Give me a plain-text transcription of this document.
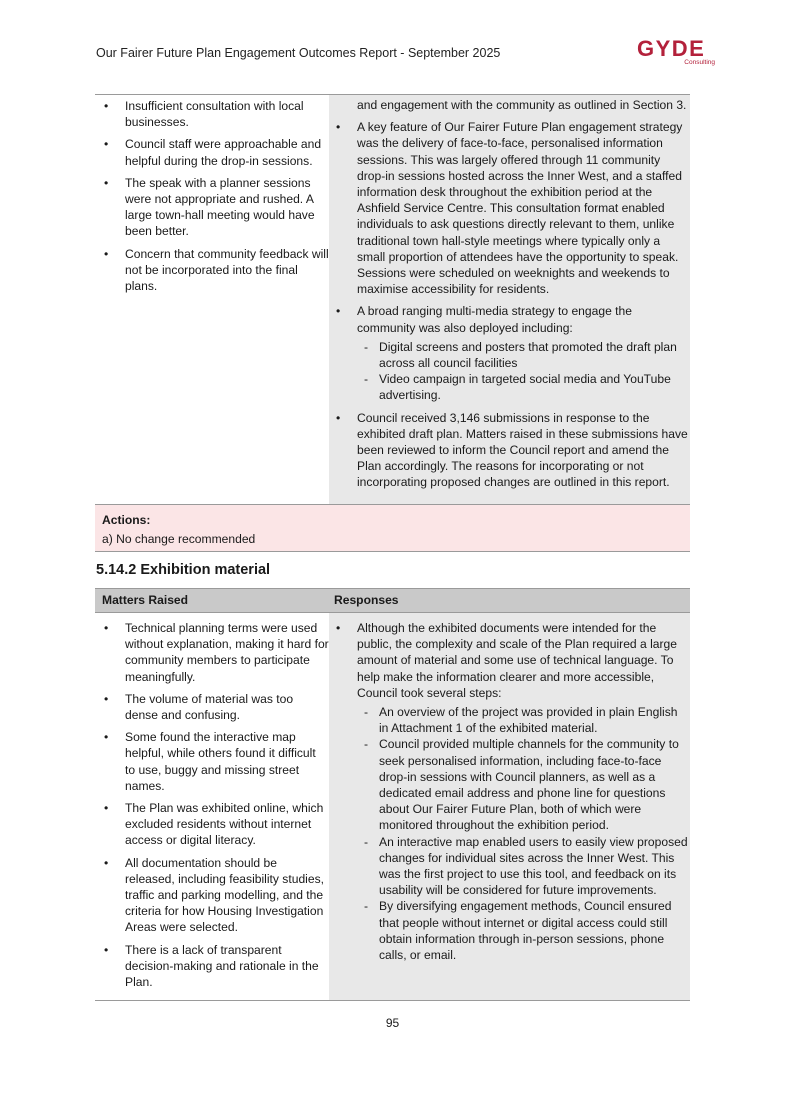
Our Fairer Future Plan Engagement Outcomes Report - September 2025	GYDE
Consulting
• Insufficient consultation with local businesses.
• Council staff were approachable and helpful during the drop-in sessions.
• The speak with a planner sessions were not appropriate and rushed. A large town-hall meeting would have been better.
• Concern that community feedback will not be incorporated into the final plans.
and engagement with the community as outlined in Section 3.
• A key feature of Our Fairer Future Plan engagement strategy was the delivery of face-to-face, personalised information sessions. This was largely offered through 11 community drop-in sessions hosted across the Inner West, and a staffed information desk throughout the exhibition period at the Ashfield Service Centre. This consultation format enabled individuals to ask questions directly relevant to them, unlike traditional town hall-style meetings where typically only a small proportion of attendees have the opportunity to speak. Sessions were scheduled on weeknights and weekends to maximise accessibility for residents.
• A broad ranging multi-media strategy to engage the community was also deployed including:
- Digital screens and posters that promoted the draft plan across all council facilities
- Video campaign in targeted social media and YouTube advertising.
• Council received 3,146 submissions in response to the exhibited draft plan. Matters raised in these submissions have been reviewed to inform the Council report and amend the Plan accordingly. The reasons for incorporating or not incorporating proposed changes are outlined in this report.
Actions:
a) No change recommended
5.14.2 Exhibition material
Matters Raised	Responses
• Technical planning terms were used without explanation, making it hard for community members to participate meaningfully.
• The volume of material was too dense and confusing.
• Some found the interactive map helpful, while others found it difficult to use, buggy and missing street names.
• The Plan was exhibited online, which excluded residents without internet access or digital literacy.
• All documentation should be released, including feasibility studies, traffic and parking modelling, and the criteria for how Housing Investigation Areas were selected.
• There is a lack of transparent decision-making and rationale in the Plan.
• Although the exhibited documents were intended for the public, the complexity and scale of the Plan required a large amount of material and some use of technical language. To help make the information clearer and more accessible, Council took several steps:
- An overview of the project was provided in plain English in Attachment 1 of the exhibited material.
- Council provided multiple channels for the community to seek personalised information, including face-to-face drop-in sessions with Council planners, as well as a dedicated email address and phone line for questions about Our Fairer Future Plan, both of which were monitored throughout the exhibition period.
- An interactive map enabled users to easily view proposed changes for individual sites across the Inner West. This was the first project to use this tool, and feedback on its usability will be considered for future improvements.
- By diversifying engagement methods, Council ensured that people without internet or digital access could still obtain information through in-person sessions, phone calls, or email.
95
